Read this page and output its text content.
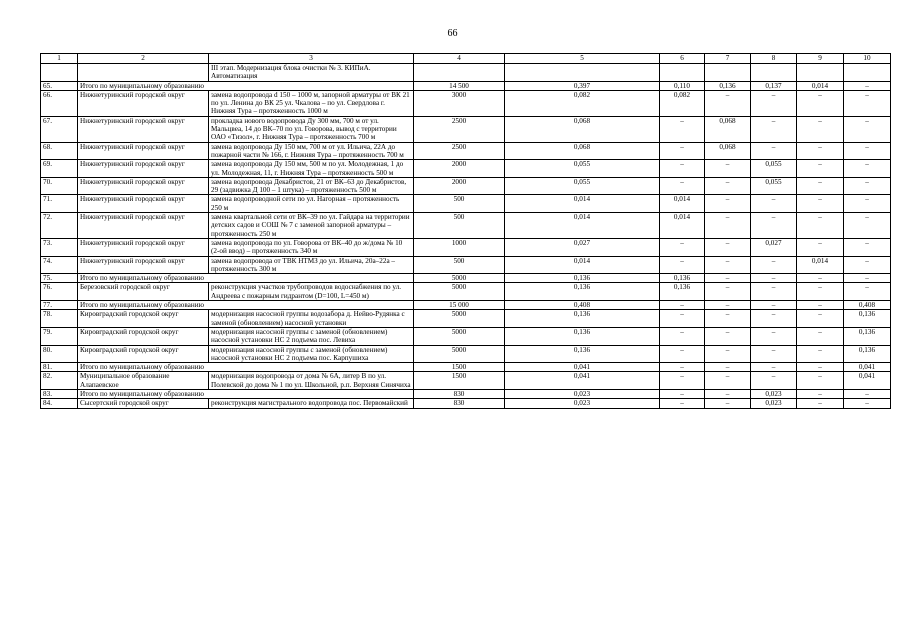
66
1	2	3	4	5	6	7	8	9	10
		III этап. Модернизация блока очистки № 3. КИПиА. Автоматизация							
65.	Итого по муниципальному образованию		14 500	0,397	0,110	0,136	0,137	0,014	–
66.	Нижнетуринский городской округ	замена водопровода d 150 – 1000 м, запорной арматуры от ВК 21 по ул. Ленина до ВК 25 ул. Чкалова – по ул. Свердлова г. Нижняя Тура – протяженность 1000 м	3000	0,082	0,082	–	–	–	–
67.	Нижнетуринский городской округ	прокладка нового водопровода Ду 300 мм, 700 м от ул. Мальцвеа, 14 до ВК–70 по ул. Говорова, вывод с территории ОАО «Тизол», г. Нижняя Тура – протяженность 700 м	2500	0,068	–	0,068	–	–	–
68.	Нижнетуринский городской округ	замена водопровода Ду 150 мм, 700 м от ул. Ильича, 22А до пожарной части № 166, г. Нижняя Тура – протяженность 700 м	2500	0,068	–	0,068	–	–	–
69.	Нижнетуринский городской округ	замена водопровода Ду 150 мм, 500 м по ул. Молодежная, 1 до ул. Молодежная, 11, г. Нижняя Тура – протяженность 500 м	2000	0,055	–	–	0,055	–	–
70.	Нижнетуринский городской округ	замена водопровода Декабристов, 21 от ВК–63 до Декабристов, 29 (задвижка Д 100 – 1 штука) – протяженность 500 м	2000	0,055	–	–	0,055	–	–
71.	Нижнетуринский городской округ	замена водопроводной сети по ул. Нагорная – протяженность 250 м	500	0,014	0,014	–	–	–	–
72.	Нижнетуринский городской округ	замена квартальной сети от ВК–39 по ул. Гайдара на территории детских садов и СОШ № 7 с заменой запорной арматуры – протяженность 250 м	500	0,014	0,014	–	–	–	–
73.	Нижнетуринский городской округ	замена водопровода по ул. Говорова от ВК–40 до ж/дома № 10 (2-ой ввод) – протяженность 340 м	1000	0,027	–	–	0,027	–	–
74.	Нижнетуринский городской округ	замена водопровода от ТВК НТМЗ до ул. Ильича, 20а–22а – протяженность 300 м	500	0,014	–	–	–	0,014	–
75.	Итого по муниципальному образованию		5000	0,136	0,136	–	–	–	–
76.	Березовский городской округ	реконструкция участков трубопроводов водоснабжения по ул. Андреева с пожарным гидрантом (D=100, L=450 м)	5000	0,136	0,136	–	–	–	–
77.	Итого по муниципальному образованию		15 000	0,408	–	–	–	–	0,408
78.	Кировградский городской округ	модернизация насосной группы водозабора д. Нейво-Рудянка с заменой (обновлением) насосной установки	5000	0,136	–	–	–	–	0,136
79.	Кировградский городской округ	модернизация насосной группы с заменой (обновлением) насосной установки НС 2 подъема пос. Левиха	5000	0,136	–	–	–	–	0,136
80.	Кировградский городской округ	модернизация насосной группы с заменой (обновлением) насосной установки НС 2 подъема пос. Карпушиха	5000	0,136	–	–	–	–	0,136
81.	Итого по муниципальному образованию		1500	0,041	–	–	–	–	0,041
82.	Муниципальное образование Алапаевское	модернизация водопровода от дома № 6А, литер В по ул. Полевской до дома № 1 по ул. Школьной, р.п. Верхняя Синячиха	1500	0,041	–	–	–	–	0,041
83.	Итого по муниципальному образованию		830	0,023	–	–	0,023	–	–
84.	Сысертский городской округ	реконструкция магистрального водопровода пос. Первомайский	830	0,023	–	–	0,023	–	–
